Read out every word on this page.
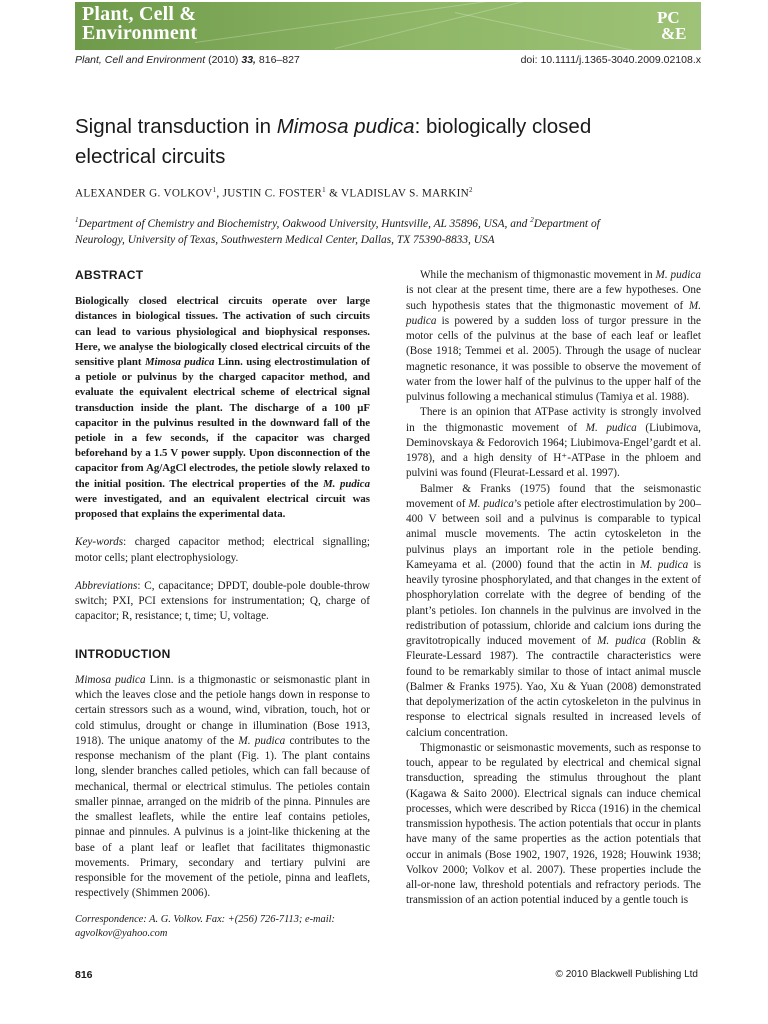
Plant, Cell &
Environment
PC
&E
Plant, Cell and Environment (2010) 33, 816–827	doi: 10.1111/j.1365-3040.2009.02108.x
Signal transduction in Mimosa pudica: biologically closed
electrical circuits
ALEXANDER G. VOLKOV$^1$, JUSTIN C. FOSTER$^1$ & VLADISLAV S. MARKIN$^2$
$^1$Department of Chemistry and Biochemistry, Oakwood University, Huntsville, AL 35896, USA, and $^2$Department of
Neurology, University of Texas, Southwestern Medical Center, Dallas, TX 75390-8833, USA
ABSTRACT

Biologically closed electrical circuits operate over large distances in biological tissues. The activation of such circuits can lead to various physiological and biophysical responses. Here, we analyse the biologically closed electrical circuits of the sensitive plant Mimosa pudica Linn. using electrostimulation of a petiole or pulvinus by the charged capacitor method, and evaluate the equivalent electrical scheme of electrical signal transduction inside the plant. The discharge of a 100 μF capacitor in the pulvinus resulted in the downward fall of the petiole in a few seconds, if the capacitor was charged beforehand by a 1.5 V power supply. Upon disconnection of the capacitor from Ag/AgCl electrodes, the petiole slowly relaxed to the initial position. The electrical properties of the M. pudica were investigated, and an equivalent electrical circuit was proposed that explains the experimental data.

Key-words: charged capacitor method; electrical signalling; motor cells; plant electrophysiology.

Abbreviations: C, capacitance; DPDT, double-pole double-throw switch; PXI, PCI extensions for instrumentation; Q, charge of capacitor; R, resistance; t, time; U, voltage.

INTRODUCTION

Mimosa pudica Linn. is a thigmonastic or seismonastic plant in which the leaves close and the petiole hangs down in response to certain stressors such as a wound, wind, vibration, touch, hot or cold stimulus, drought or change in illumination (Bose 1913, 1918). The unique anatomy of the M. pudica contributes to the response mechanism of the plant (Fig. 1). The plant contains long, slender branches called petioles, which can fall because of mechanical, thermal or electrical stimulus. The petioles contain smaller pinnae, arranged on the midrib of the pinna. Pinnules are the smallest leaflets, while the entire leaf contains petioles, pinnae and pinnules. A pulvinus is a joint-like thickening at the base of a plant leaf or leaflet that facilitates thigmonastic movements. Primary, secondary and tertiary pulvini are responsible for the movement of the petiole, pinna and leaflets, respectively (Shimmen 2006).

Correspondence: A. G. Volkov. Fax: +(256) 726-7113; e-mail: agvolkov@yahoo.com

While the mechanism of thigmonastic movement in M. pudica is not clear at the present time, there are a few hypotheses. One such hypothesis states that the thigmonastic movement of M. pudica is powered by a sudden loss of turgor pressure in the motor cells of the pulvinus at the base of each leaf or leaflet (Bose 1918; Temmei et al. 2005). Through the usage of nuclear magnetic resonance, it was possible to observe the movement of water from the lower half of the pulvinus to the upper half of the pulvinus following a mechanical stimulus (Tamiya et al. 1988).

There is an opinion that ATPase activity is strongly involved in the thigmonastic movement of M. pudica (Liubimova, Deminovskaya & Fedorovich 1964; Liubimova-Engel’gardt et al. 1978), and a high density of H⁺-ATPase in the phloem and pulvini was found (Fleurat-Lessard et al. 1997).

Balmer & Franks (1975) found that the seismonastic movement of M. pudica’s petiole after electrostimulation by 200–400 V between soil and a pulvinus is comparable to typical animal muscle movements. The actin cytoskeleton in the pulvinus plays an important role in the petiole bending. Kameyama et al. (2000) found that the actin in M. pudica is heavily tyrosine phosphorylated, and that changes in the extent of phosphorylation correlate with the degree of bending of the plant’s petioles. Ion channels in the pulvinus are involved in the redistribution of potassium, chloride and calcium ions during the gravitotropically induced movement of M. pudica (Roblin & Fleurate-Lessard 1987). The contractile characteristics were found to be remarkably similar to those of intact animal muscle (Balmer & Franks 1975). Yao, Xu & Yuan (2008) demonstrated that depolymerization of the actin cytoskeleton in the pulvinus in response to electrical signals resulted in increased levels of calcium concentration.

Thigmonastic or seismonastic movements, such as response to touch, appear to be regulated by electrical and chemical signal transduction, spreading the stimulus throughout the plant (Kagawa & Saito 2000). Electrical signals can induce chemical processes, which were described by Ricca (1916) in the chemical transmission hypothesis. The action potentials that occur in plants have many of the same properties as the action potentials that occur in animals (Bose 1902, 1907, 1926, 1928; Houwink 1938; Volkov 2000; Volkov et al. 2007). These properties include the all-or-none law, threshold potentials and refractory periods. The transmission of an action potential induced by a gentle touch is

816	© 2010 Blackwell Publishing Ltd
